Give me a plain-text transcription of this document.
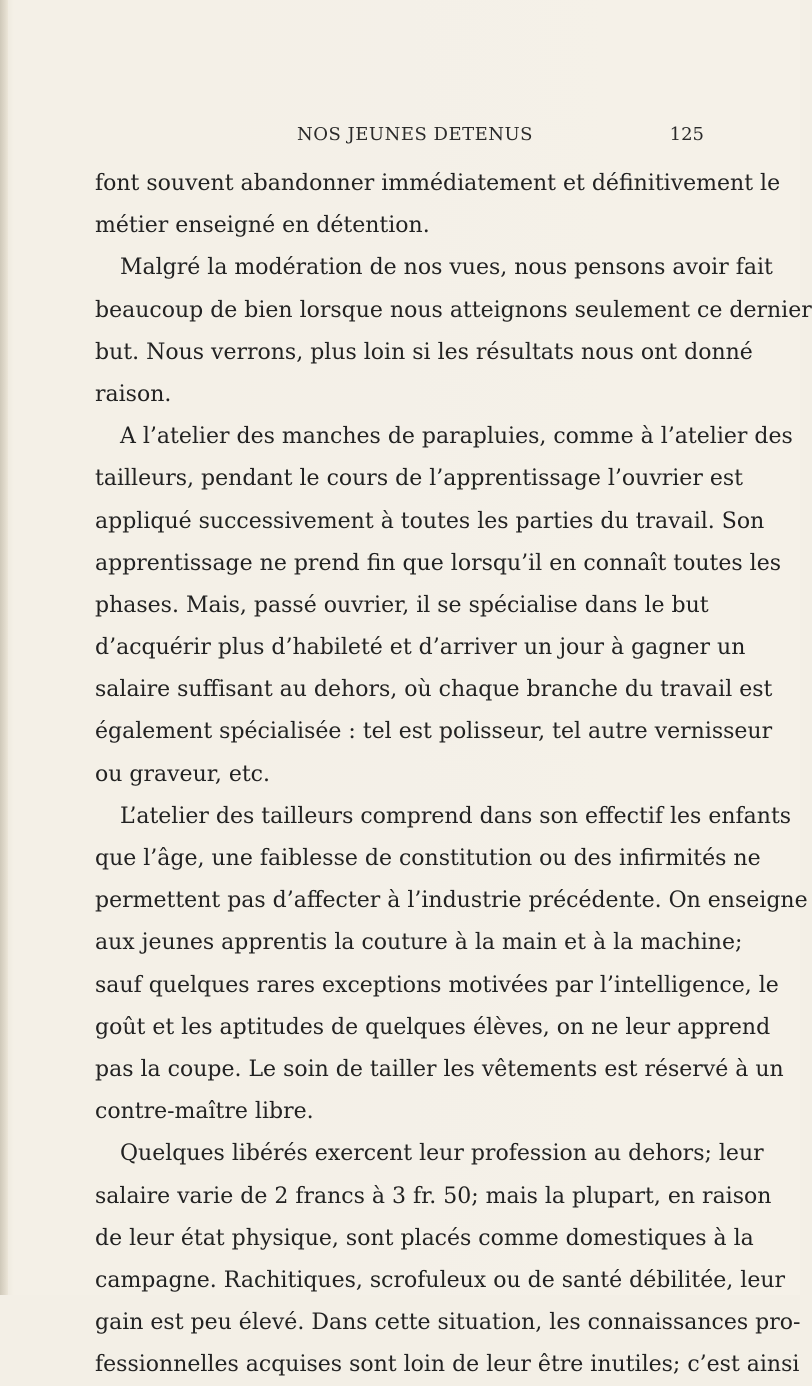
NOS JEUNES DETENUS	125
font souvent abandonner immédiatement et définitivement le
métier enseigné en détention.
Malgré la modération de nos vues, nous pensons avoir fait
beaucoup de bien lorsque nous atteignons seulement ce dernier
but. Nous verrons, plus loin si les résultats nous ont donné
raison.
A l’atelier des manches de parapluies, comme à l’atelier des
tailleurs, pendant le cours de l’apprentissage l’ouvrier est
appliqué successivement à toutes les parties du travail. Son
apprentissage ne prend fin que lorsqu’il en connaît toutes les
phases. Mais, passé ouvrier, il se spécialise dans le but
d’acquérir plus d’habileté et d’arriver un jour à gagner un
salaire suffisant au dehors, où chaque branche du travail est
également spécialisée : tel est polisseur, tel autre vernisseur
ou graveur, etc.
L’atelier des tailleurs comprend dans son effectif les enfants
que l’âge, une faiblesse de constitution ou des infirmités ne
permettent pas d’affecter à l’industrie précédente. On enseigne
aux jeunes apprentis la couture à la main et à la machine;
sauf quelques rares exceptions motivées par l’intelligence, le
goût et les aptitudes de quelques élèves, on ne leur apprend
pas la coupe. Le soin de tailler les vêtements est réservé à un
contre-maître libre.
Quelques libérés exercent leur profession au dehors; leur
salaire varie de 2 francs à 3 fr. 50; mais la plupart, en raison
de leur état physique, sont placés comme domestiques à la
campagne. Rachitiques, scrofuleux ou de santé débilitée, leur
gain est peu élevé. Dans cette situation, les connaissances pro-
fessionnelles acquises sont loin de leur être inutiles; c’est ainsi
